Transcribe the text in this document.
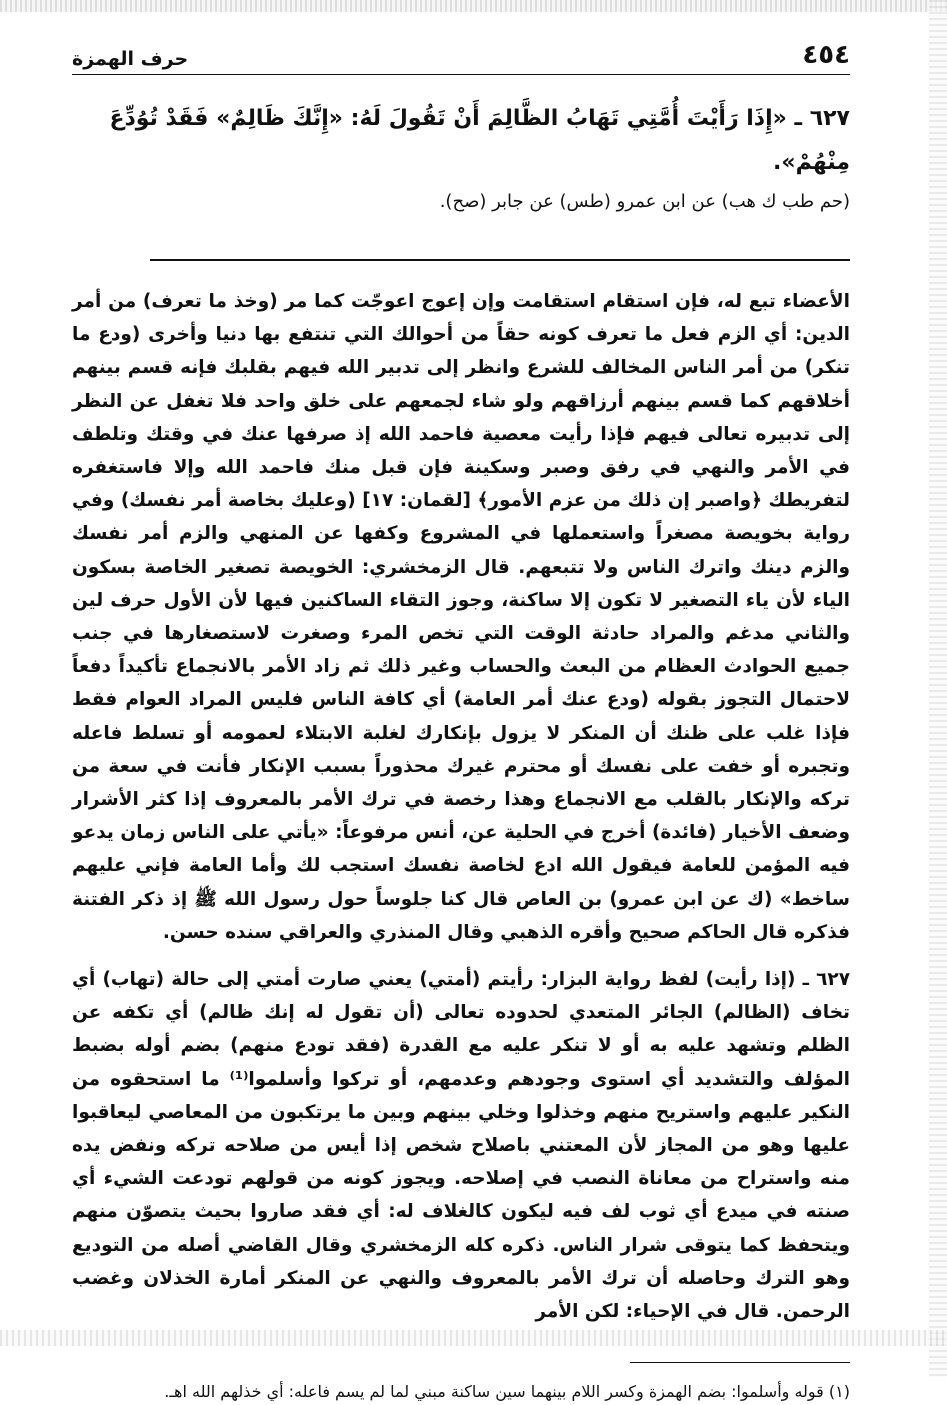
٤٥٤
حرف الهمزة
٦٢٧ ـ «إِذَا رَأَيْتَ أُمَّتِي تَهَابُ الظَّالِمَ أَنْ تَقُولَ لَهُ: «إِنَّكَ ظَالِمٌ» فَقَدْ تُوُدِّعَ مِنْهُمْ».
(حم طب ك هب) عن ابن عمرو (طس) عن جابر (صح).

الأعضاء تبع له، فإن استقام استقامت وإن إعوج اعوجّت كما مر (وخذ ما تعرف) من أمر الدين: أي الزم فعل ما تعرف كونه حقاً من أحوالك التي تنتفع بها دنيا وأخرى (ودع ما تنكر) من أمر الناس المخالف للشرع وانظر إلى تدبير الله فيهم بقلبك فإنه قسم بينهم أخلاقهم كما قسم بينهم أرزاقهم ولو شاء لجمعهم على خلق واحد فلا تغفل عن النظر إلى تدبيره تعالى فيهم فإذا رأيت معصية فاحمد الله إذ صرفها عنك في وقتك وتلطف في الأمر والنهي في رفق وصبر وسكينة فإن قبل منك فاحمد الله وإلا فاستغفره لتفريطك ﴿واصبر إن ذلك من عزم الأمور﴾ [لقمان: ١٧] (وعليك بخاصة أمر نفسك) وفي رواية بخويصة مصغراً واستعملها في المشروع وكفها عن المنهي والزم أمر نفسك والزم دينك واترك الناس ولا تتبعهم. قال الزمخشري: الخويصة تصغير الخاصة بسكون الياء لأن ياء التصغير لا تكون إلا ساكنة، وجوز التقاء الساكنين فيها لأن الأول حرف لين والثاني مدغم والمراد حادثة الوقت التي تخص المرء وصغرت لاستصغارها في جنب جميع الحوادث العظام من البعث والحساب وغير ذلك ثم زاد الأمر بالانجماع تأكيداً دفعاً لاحتمال التجوز بقوله (ودع عنك أمر العامة) أي كافة الناس فليس المراد العوام فقط فإذا غلب على ظنك أن المنكر لا يزول بإنكارك لغلبة الابتلاء لعمومه أو تسلط فاعله وتجبره أو خفت على نفسك أو محترم غيرك محذوراً بسبب الإنكار فأنت في سعة من تركه والإنكار بالقلب مع الانجماع وهذا رخصة في ترك الأمر بالمعروف إذا كثر الأشرار وضعف الأخيار (فائدة) أخرج في الحلية عن، أنس مرفوعاً: «يأتي على الناس زمان يدعو فيه المؤمن للعامة فيقول الله ادع لخاصة نفسك استجب لك وأما العامة فإني عليهم ساخط» (ك عن ابن عمرو) بن العاص قال كنا جلوساً حول رسول الله ﷺ إذ ذكر الفتنة فذكره قال الحاكم صحيح وأقره الذهبي وقال المنذري والعراقي سنده حسن.

٦٢٧ ـ (إذا رأيت) لفظ رواية البزار: رأيتم (أمتي) يعني صارت أمتي إلى حالة (تهاب) أي تخاف (الظالم) الجائر المتعدي لحدوده تعالى (أن تقول له إنك ظالم) أي تكفه عن الظلم وتشهد عليه به أو لا تنكر عليه مع القدرة (فقد تودع منهم) بضم أوله بضبط المؤلف والتشديد أي استوى وجودهم وعدمهم، أو تركوا وأسلموا⁽¹⁾ ما استحقوه من النكير عليهم واستريح منهم وخذلوا وخلي بينهم وبين ما يرتكبون من المعاصي ليعاقبوا عليها وهو من المجاز لأن المعتني باصلاح شخص إذا أيس من صلاحه تركه ونفض يده منه واستراح من معاناة النصب في إصلاحه. ويجوز كونه من قولهم تودعت الشيء أي صنته في ميدع أي ثوب لف فيه ليكون كالغلاف له: أي فقد صاروا بحيث يتصوّن منهم ويتحفظ كما يتوقى شرار الناس. ذكره كله الزمخشري وقال القاضي أصله من التوديع وهو الترك وحاصله أن ترك الأمر بالمعروف والنهي عن المنكر أمارة الخذلان وغضب الرحمن. قال في الإحياء: لكن الأمر

(١) قوله وأسلموا: بضم الهمزة وكسر اللام بينهما سين ساكنة مبني لما لم يسم فاعله: أي خذلهم الله اهـ.
